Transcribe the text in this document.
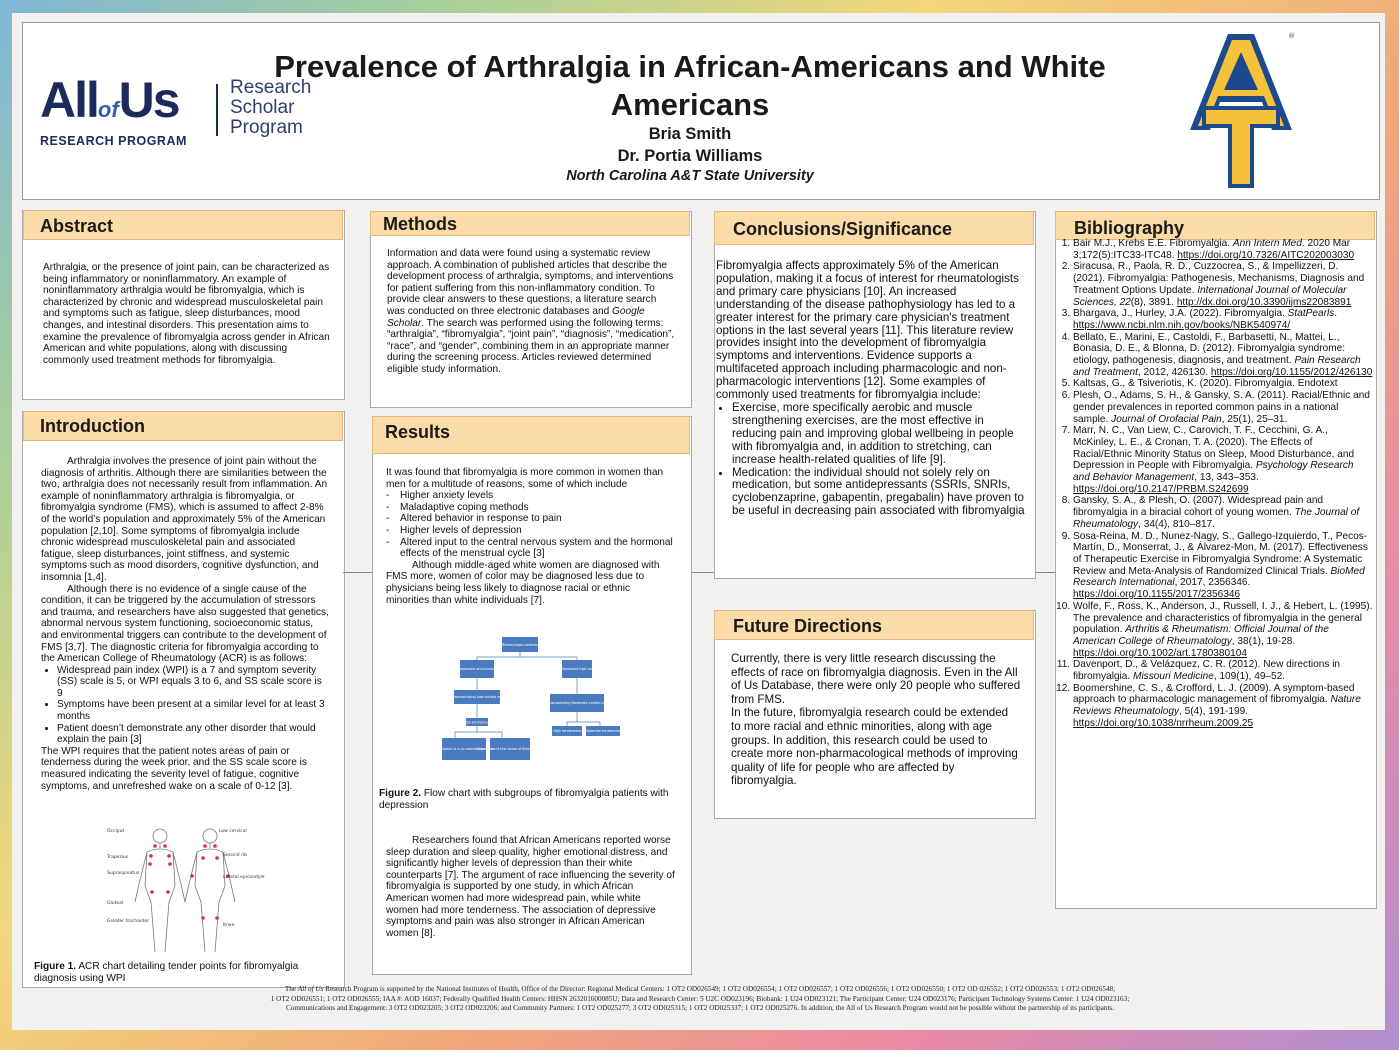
AllofUs
RESEARCH PROGRAM
Research
Scholar
Program
Prevalence of Arthralgia in African-Americans and White Americans
Bria Smith
Dr. Portia Williams
North Carolina A&T State University
®
Abstract
Arthralgia, or the presence of joint pain, can be characterized as being inflammatory or noninflammatory. An example of noninflammatory arthralgia would be fibromyalgia, which is characterized by chronic and widespread musculoskeletal pain and symptoms such as fatigue, sleep disturbances, mood changes, and intestinal disorders. This presentation aims to examine the prevalence of fibromyalgia across gender in African American and white populations, along with discussing commonly used treatment methods for fibromyalgia.
Introduction

Arthralgia involves the presence of joint pain without the diagnosis of arthritis. Although there are similarities between the two, arthralgia does not necessarily result from inflammation. An example of noninflammatory arthralgia is fibromyalgia, or fibromyalgia syndrome (FMS), which is assumed to affect 2-8% of the world’s population and approximately 5% of the American population [2,10]. Some symptoms of fibromyalgia include chronic widespread musculoskeletal pain and associated fatigue, sleep disturbances, joint stiffness, and systemic symptoms such as mood disorders, cognitive dysfunction, and insomnia [1,4].

Although there is no evidence of a single cause of the condition, it can be triggered by the accumulation of stressors and trauma, and researchers have also suggested that genetics, abnormal nervous system functioning, socioeconomic status, and environmental triggers can contribute to the development of FMS [3,7]. The diagnostic criteria for fibromyalgia according to the American College of Rheumatology (ACR) is as follows:

• Widespread pain index (WPI) is a 7 and symptom severity (SS) scale is 5, or WPI equals 3 to 6, and SS scale score is 9
• Symptoms have been present at a similar level for at least 3 months
• Patient doesn’t demonstrate any other disorder that would explain the pain [3]

The WPI requires that the patient notes areas of pain or tenderness during the week prior, and the SS scale score is measured indicating the severity level of fatigue, cognitive symptoms, and unrefreshed wake on a scale of 0-12 [3].

Occiput	Low cervical
Trapezius	Second rib
Supraspinatus
Lateral epicondyle
Gluteal
Greater trochanter
Knee
Figure 1. ACR chart detailing tender points for fibromyalgia diagnosis using WPI
Methods
Information and data were found using a systematic review approach. A combination of published articles that describe the development process of arthralgia, symptoms, and interventions for patient suffering from this non-inflammatory condition. To provide clear answers to these questions, a literature search was conducted on three electronic databases and Google Scholar. The search was performed using the following terms: “arthralgia”, “fibromyalgia”, “joint pain”, “diagnosis”, “medication”, “race”, and “gender”, combining them in an appropriate manner during the screening process. Articles reviewed determined eligible study information.
Results

It was found that fibromyalgia is more common in women than men for a multitude of reasons, some of which include

- Higher anxiety levels
- Maladaptive coping methods
- Altered behavior in response to pain
- Higher levels of depression
- Altered input to the central nervous system and the hormonal effects of the menstrual cycle [3]

Although middle-aged white women are diagnosed with FMS more, women of color may be diagnosed less due to physicians being less likely to diagnose racial or ethnic minorities than white individuals [7].

Fibromyalgia patients
Depressed and anxious	Age depressed high anxious
High catastrophizing Low control over pain
High tenderness
Depression is a co-morbid condition
Depression is the cause of fibromyalgia
Low catastrophizing Moderate control over pain
High tenderness Moderate tenderness
Figure 2. Flow chart with subgroups of fibromyalgia patients with depression

Researchers found that African Americans reported worse sleep duration and sleep quality, higher emotional distress, and significantly higher levels of depression than their white counterparts [7]. The argument of race influencing the severity of fibromyalgia is supported by one study, in which African American women had more widespread pain, while white women had more tenderness. The association of depressive symptoms and pain was also stronger in African American women [8].

Conclusions/Significance

Fibromyalgia affects approximately 5% of the American population, making it a focus of interest for rheumatologists and primary care physicians [10]. An increased understanding of the disease pathophysiology has led to a greater interest for the primary care physician's treatment options in the last several years [11]. This literature review provides insight into the development of fibromyalgia symptoms and interventions. Evidence supports a multifaceted approach including pharmacologic and non-pharmacologic interventions [12]. Some examples of commonly used treatments for fibromyalgia include:

• Exercise, more specifically aerobic and muscle strengthening exercises, are the most effective in reducing pain and improving global wellbeing in people with fibromyalgia and, in addition to stretching, can increase health-related qualities of life [9].
• Medication: the individual should not solely rely on medication, but some antidepressants (SSRIs, SNRIs, cyclobenzaprine, gabapentin, pregabalin) have proven to be useful in decreasing pain associated with fibromyalgia
Future Directions

Currently, there is very little research discussing the effects of race on fibromyalgia diagnosis. Even in the All of Us Database, there were only 20 people who suffered from FMS.

In the future, fibromyalgia research could be extended to more racial and ethnic minorities, along with age groups. In addition, this research could be used to create more non-pharmacological methods of improving quality of life for people who are affected by fibromyalgia.

Bibliography
1. Bair M.J., Krebs E.E. Fibromyalgia. Ann Intern Med. 2020 Mar 3;172(5):ITC33-ITC48. https://doi.org/10.7326/AITC202003030
2. Siracusa, R., Paola, R. D., Cuzzocrea, S., & Impellizzeri, D. (2021). Fibromyalgia: Pathogenesis, Mechanisms, Diagnosis and Treatment Options Update. International Journal of Molecular Sciences, 22(8), 3891. http://dx.doi.org/10.3390/ijms22083891
3. Bhargava, J., Hurley, J.A. (2022). Fibromyalgia. StatPearls. https://www.ncbi.nlm.nih.gov/books/NBK540974/
4. Bellato, E., Marini, E., Castoldi, F., Barbasetti, N., Mattei, L., Bonasia, D. E., & Blonna, D. (2012). Fibromyalgia syndrome: etiology, pathogenesis, diagnosis, and treatment. Pain Research and Treatment, 2012, 426130. https://doi.org/10.1155/2012/426130
5. Kaltsas, G., & Tsiveriotis, K. (2020). Fibromyalgia. Endotext
6. Plesh, O., Adams, S. H., & Gansky, S. A. (2011). Racial/Ethnic and gender prevalences in reported common pains in a national sample. Journal of Orofacial Pain, 25(1), 25–31.
7. Marr, N. C., Van Liew, C., Carovich, T. F., Cecchini, G. A., McKinley, L. E., & Cronan, T. A. (2020). The Effects of Racial/Ethnic Minority Status on Sleep, Mood Disturbance, and Depression in People with Fibromyalgia. Psychology Research and Behavior Management, 13, 343–353. https://doi.org/10.2147/PRBM.S242699
8. Gansky, S. A., & Plesh, O. (2007). Widespread pain and fibromyalgia in a biracial cohort of young women. The Journal of Rheumatology, 34(4), 810–817.
9. Sosa-Reina, M. D., Nunez-Nagy, S., Gallego-Izquierdo, T., Pecos-Martín, D., Monserrat, J., & Álvarez-Mon, M. (2017). Effectiveness of Therapeutic Exercise in Fibromyalgia Syndrome: A Systematic Review and Meta-Analysis of Randomized Clinical Trials. BioMed Research International, 2017, 2356346. https://doi.org/10.1155/2017/2356346
10. Wolfe, F., Ross, K., Anderson, J., Russell, I. J., & Hebert, L. (1995). The prevalence and characteristics of fibromyalgia in the general population. Arthritis & Rheumatism: Official Journal of the American College of Rheumatology, 38(1), 19-28. https://doi.org/10.1002/art.1780380104
11. Davenport, D., & Velázquez, C. R. (2012). New directions in fibromyalgia. Missouri Medicine, 109(1), 49–52.
12. Boomershine, C. S., & Crofford, L. J. (2009). A symptom-based approach to pharmacologic management of fibromyalgia. Nature Reviews Rheumatology, 5(4), 191-199. https://doi.org/10.1038/nrrheum.2009.25
The All of Us Research Program is supported by the National Institutes of Health, Office of the Director: Regional Medical Centers: 1 OT2 OD026549; 1 OT2 OD026554; 1 OT2 OD026557; 1 OT2 OD026556; 1 OT2 OD026550; 1 OT2 OD 026552; 1 OT2 OD026553; 1 OT2 OD026548;
1 OT2 OD026551; 1 OT2 OD026555; IAA #: AOD 16037; Federally Qualified Health Centers: HHSN 263201600085U; Data and Research Center: 5 U2C OD023196; Biobank: 1 U24 OD023121; The Participant Center: U24 OD023176; Participant Technology Systems Center: 1 U24 OD023163;
Communications and Engagement: 3 OT2 OD023205; 3 OT2 OD023206; and Community Partners: 1 OT2 OD025277; 3 OT2 OD025315; 1 OT2 OD025337; 1 OT2 OD025276. In addition, the All of Us Research Program would not be possible without the partnership of its participants.
